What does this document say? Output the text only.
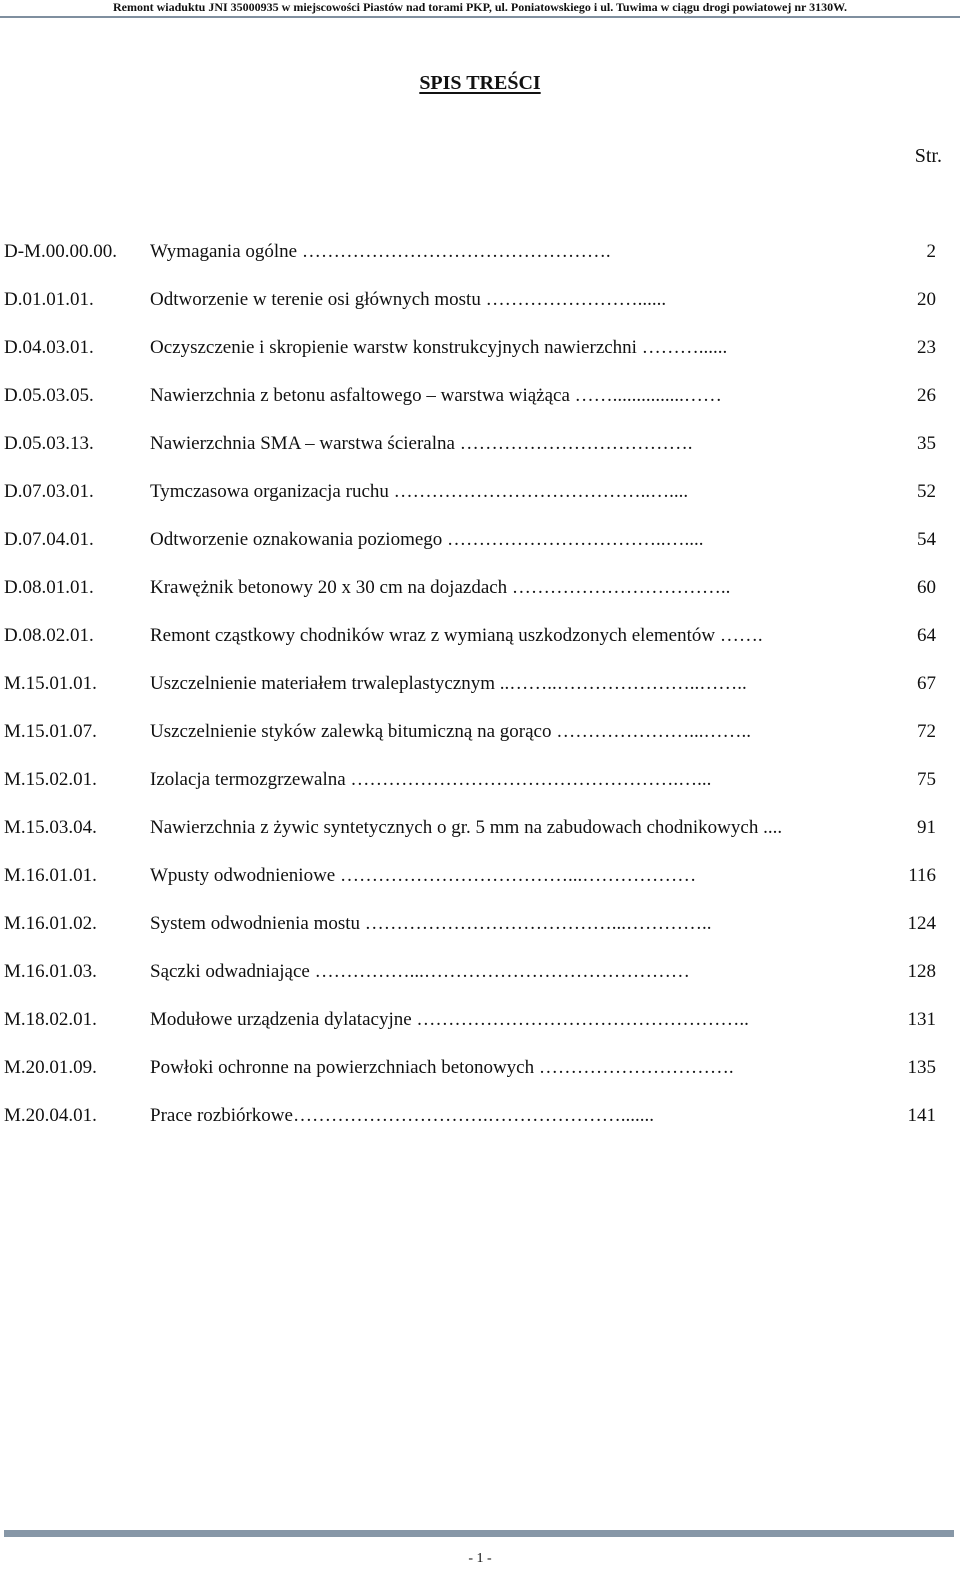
Remont wiaduktu JNI 35000935 w miejscowości Piastów nad torami PKP, ul. Poniatowskiego i ul. Tuwima w ciągu drogi powiatowej nr 3130W.
SPIS TREŚCI
Str.
D-M.00.00.00. Wymagania ogólne ………………………………………….	2
D.01.01.01.	Odtworzenie w terenie osi głównych mostu ……………………......	20
D.04.03.01.	Oczyszczenie i skropienie warstw konstrukcyjnych nawierzchni ………......	23
D.05.03.05.	Nawierzchnia z betonu asfaltowego – warstwa wiążąca ……...............……	26
D.05.03.13.	Nawierzchnia SMA – warstwa ścieralna ……………………………….	35
D.07.03.01.	Tymczasowa organizacja ruchu …………………………………..…....	52
D.07.04.01.	Odtworzenie oznakowania poziomego ……………………………..…....	54
D.08.01.01.	Krawężnik betonowy 20 x 30 cm na dojazdach ……………………………..	60
D.08.02.01.	Remont cząstkowy chodników wraz z wymianą uszkodzonych elementów …….	64
M.15.01.01.	Uszczelnienie materiałem trwaleplastycznym ..……..…………………..……..	67
M.15.01.07.	Uszczelnienie styków zalewką bitumiczną na gorąco …………………...……..	72
M.15.02.01.	Izolacja termozgrzewalna …………………………………………….…...	75
M.15.03.04.	Nawierzchnia z żywic syntetycznych o gr. 5 mm na zabudowach chodnikowych ....	91
M.16.01.01.	Wpusty odwodnieniowe ………………………………...………………	116
M.16.01.02.	System odwodnienia mostu …………………………………...…………..	124
M.16.01.03.	Sączki odwadniające ……………...……………………………………	128
M.18.02.01.	Modułowe urządzenia dylatacyjne ……………………………………………..	131
M.20.01.09.	Powłoki ochronne na powierzchniach betonowych ………………………….	135
M.20.04.01.	Prace rozbiórkowe………………………….………………….......	141
- 1 -
